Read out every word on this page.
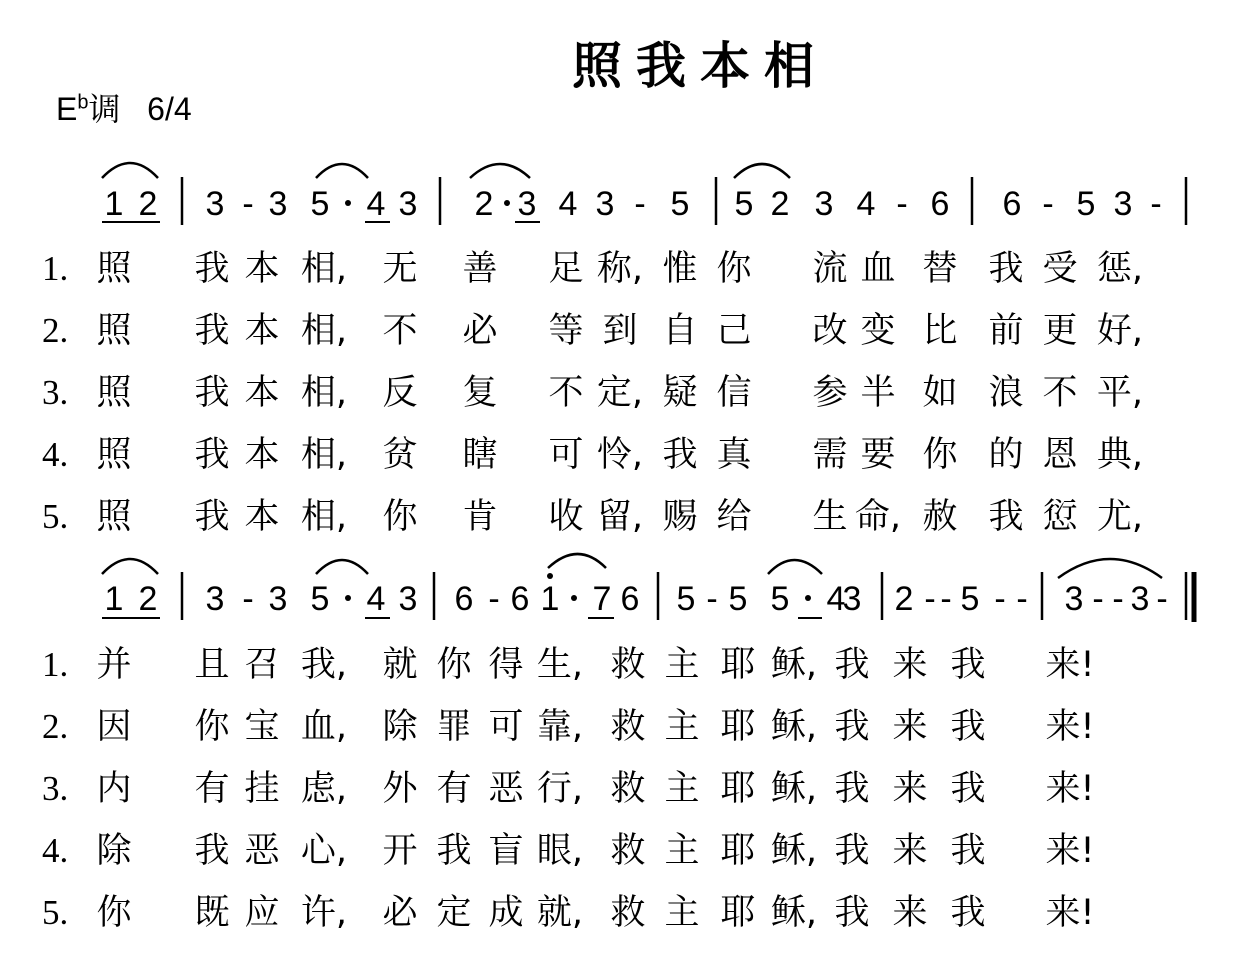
照我本相
$E^b$调 6/4
1 2 3 - 3 5 4 3 2 3 4 3 - 5 5 2 3 4 - 6 6 - 5 3 -
1 2 3 - 3 5 4 3 6 - 6 1 7 6 5 - 5 5 4
3 2 - - 5 - - 3 - - 3 -
1. 照 我 本 相, 无 善 足 称, 惟 你 流 血 替 我 受 惩,
2. 照 我 本 相, 不 必 等 到 自 己 改 变 比 前 更 好,
3. 照 我 本 相, 反 复 不 定, 疑 信 参 半 如 浪 不 平,
4. 照 我 本 相, 贫 瞎 可 怜, 我 真 需 要 你 的 恩 典,
5. 照 我 本 相, 你 肯 收 留, 赐 给 生 命, 赦 我 愆 尤,
1. 并 且 召 我, 就 你 得 生, 救 主 耶 稣, 我 来 我 来!
2. 因 你 宝 血, 除 罪 可 靠, 救 主 耶 稣, 我 来 我 来!
3. 内 有 挂 虑, 外 有 恶 行, 救 主 耶 稣, 我 来 我 来!
4. 除 我 恶 心, 开 我 盲 眼, 救 主 耶 稣, 我 来 我 来!
5. 你 既 应 许, 必 定 成 就, 救 主 耶 稣, 我 来 我 来!
